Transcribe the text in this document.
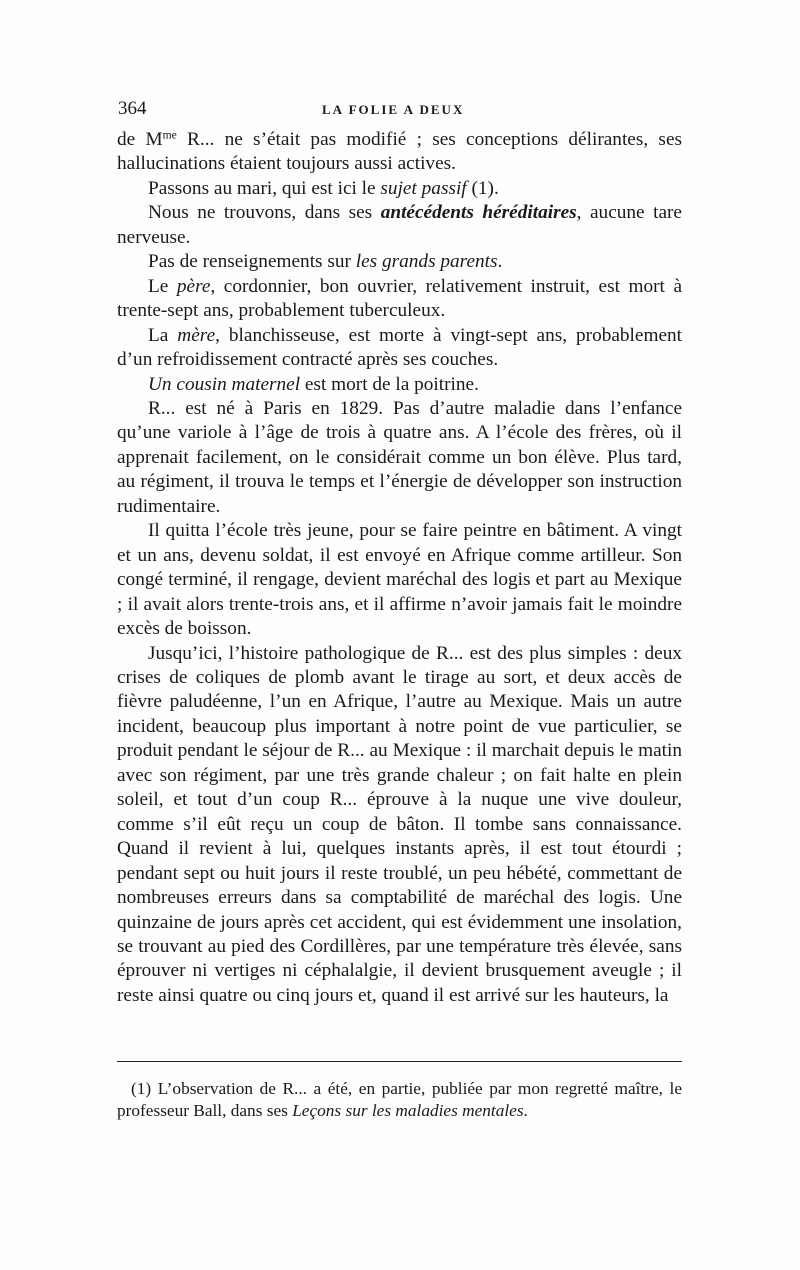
364	LA FOLIE A DEUX

de $M^{me}$ R... ne s’était pas modifié ; ses conceptions délirantes, ses hallucinations étaient toujours aussi actives.

Passons au mari, qui est ici le sujet passif (1).

Nous ne trouvons, dans ses antécédents héréditaires, aucune tare nerveuse.

Pas de renseignements sur les grands parents.

Le père, cordonnier, bon ouvrier, relativement instruit, est mort à trente-sept ans, probablement tuberculeux.

La mère, blanchisseuse, est morte à vingt-sept ans, probablement d’un refroidissement contracté après ses couches.

Un cousin maternel est mort de la poitrine.

R... est né à Paris en 1829. Pas d’autre maladie dans l’enfance qu’une variole à l’âge de trois à quatre ans. A l’école des frères, où il apprenait facilement, on le considérait comme un bon élève. Plus tard, au régiment, il trouva le temps et l’énergie de développer son instruction rudimentaire.

Il quitta l’école très jeune, pour se faire peintre en bâtiment. A vingt et un ans, devenu soldat, il est envoyé en Afrique comme artilleur. Son congé terminé, il rengage, devient maréchal des logis et part au Mexique ; il avait alors trente-trois ans, et il affirme n’avoir jamais fait le moindre excès de boisson.

Jusqu’ici, l’histoire pathologique de R... est des plus simples : deux crises de coliques de plomb avant le tirage au sort, et deux accès de fièvre paludéenne, l’un en Afrique, l’autre au Mexique. Mais un autre incident, beaucoup plus important à notre point de vue particulier, se produit pendant le séjour de R... au Mexique : il marchait depuis le matin avec son régiment, par une très grande chaleur ; on fait halte en plein soleil, et tout d’un coup R... éprouve à la nuque une vive douleur, comme s’il eût reçu un coup de bâton. Il tombe sans connaissance. Quand il revient à lui, quelques instants après, il est tout étourdi ; pendant sept ou huit jours il reste troublé, un peu hébété, commettant de nombreuses erreurs dans sa comptabilité de maréchal des logis. Une quinzaine de jours après cet accident, qui est évidemment une insolation, se trouvant au pied des Cordillères, par une température très élevée, sans éprouver ni vertiges ni céphalalgie, il devient brusquement aveugle ; il reste ainsi quatre ou cinq jours et, quand il est arrivé sur les hauteurs, la

(1) L’observation de R... a été, en partie, publiée par mon regretté maître, le professeur Ball, dans ses Leçons sur les maladies mentales.
